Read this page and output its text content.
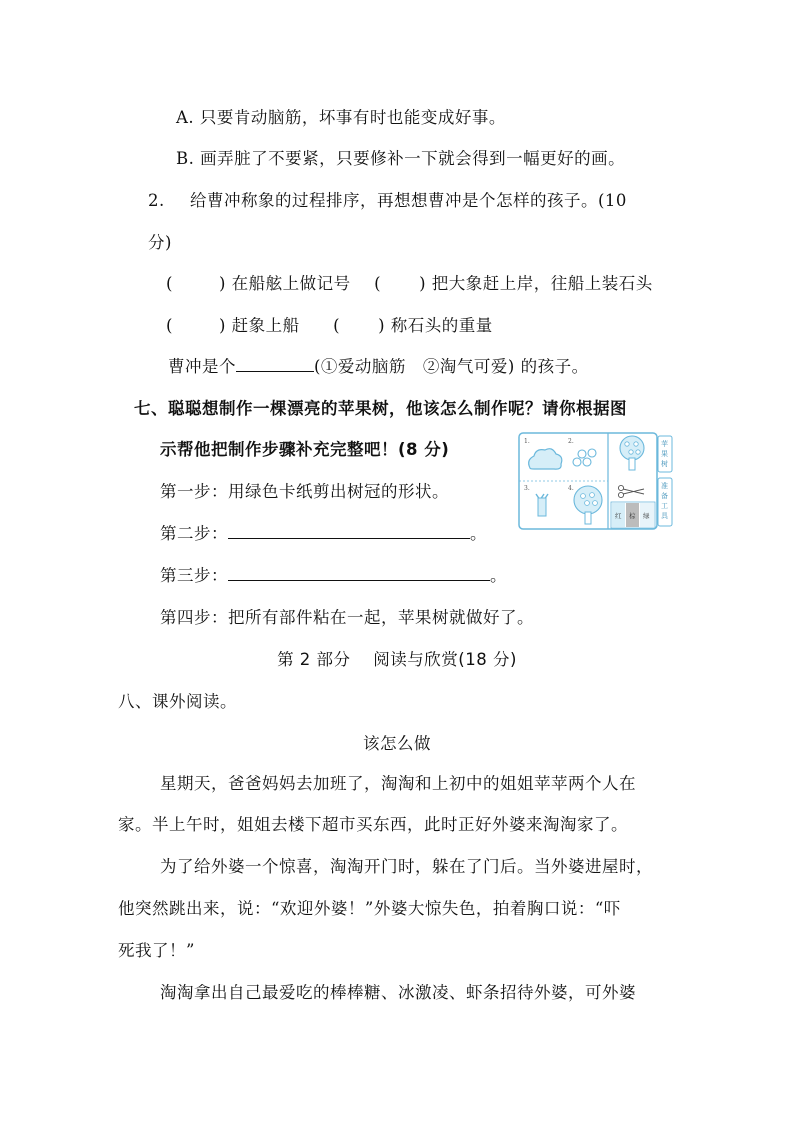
A. 只要肯动脑筋，坏事有时也能变成好事。
B. 画弄脏了不要紧，只要修补一下就会得到一幅更好的画。
2. 给曹冲称象的过程排序，再想想曹冲是个怎样的孩子。(10
分)
(	) 在船舷上做记号 ( ) 把大象赶上岸，往船上装石头
(	) 赶象上船 ( ) 称石头的重量
曹冲是个	(①爱动脑筋　②淘气可爱) 的孩子。
七、聪聪想制作一棵漂亮的苹果树，他该怎么制作呢？请你根据图
示帮他把制作步骤补充完整吧！(8 分)
第一步：用绿色卡纸剪出树冠的形状。
第二步：	。
第三步：	。
第四步：把所有部件粘在一起，苹果树就做好了。
1.	2.
3.	4.
红 棕 绿
苹果树
准备工具
第 2 部分　 阅读与欣赏(18 分)
八、课外阅读。
该怎么做
星期天，爸爸妈妈去加班了，淘淘和上初中的姐姐苹苹两个人在
家。半上午时，姐姐去楼下超市买东西，此时正好外婆来淘淘家了。
为了给外婆一个惊喜，淘淘开门时，躲在了门后。当外婆进屋时，
他突然跳出来，说：“欢迎外婆！”外婆大惊失色，拍着胸口说：“吓
死我了！”
淘淘拿出自己最爱吃的棒棒糖、冰激凌、虾条招待外婆，可外婆
